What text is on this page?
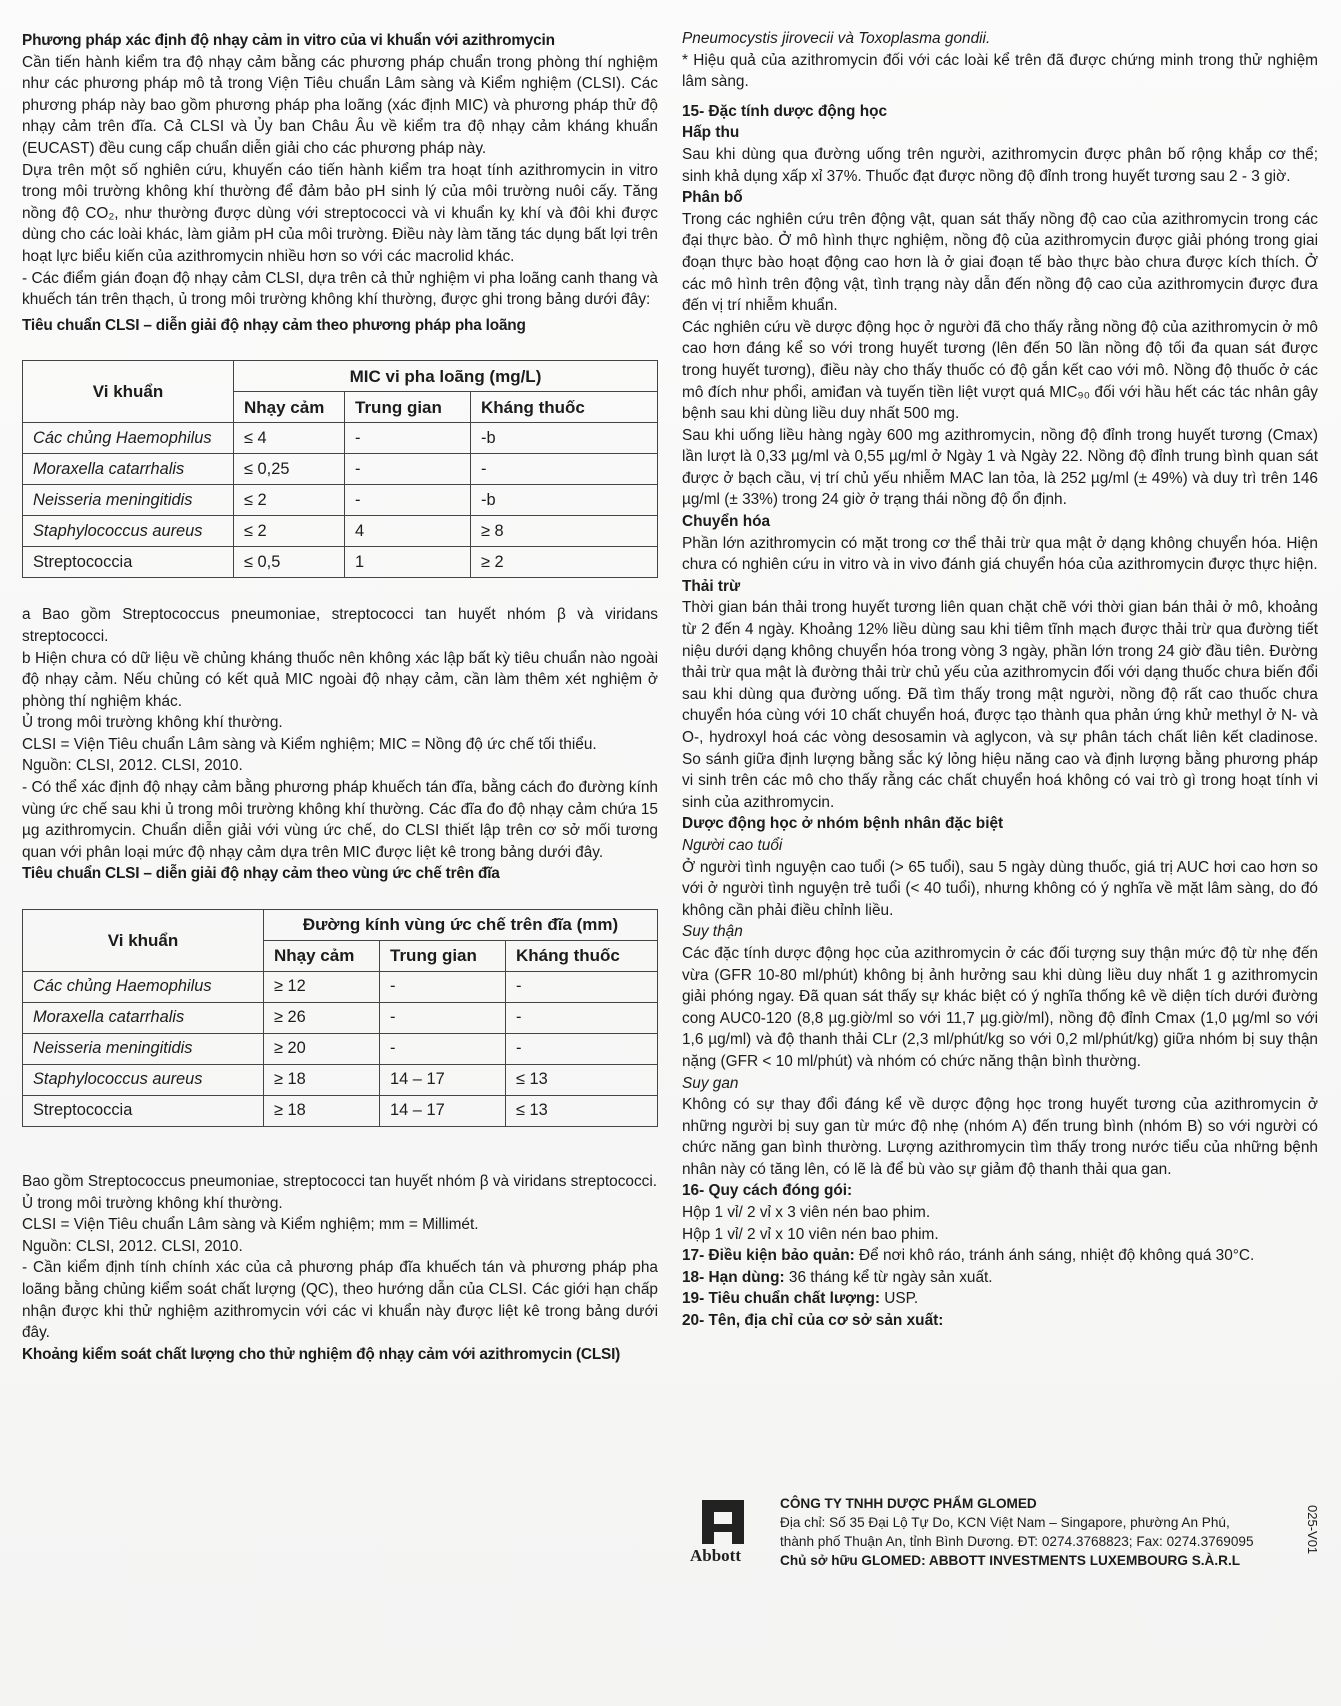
Phương pháp xác định độ nhạy cảm in vitro của vi khuẩn với azithromycin

Cần tiến hành kiểm tra độ nhạy cảm bằng các phương pháp chuẩn trong phòng thí nghiệm như các phương pháp mô tả trong Viện Tiêu chuẩn Lâm sàng và Kiểm nghiệm (CLSI). Các phương pháp này bao gồm phương pháp pha loãng (xác định MIC) và phương pháp thử độ nhạy cảm trên đĩa. Cả CLSI và Ủy ban Châu Âu về kiểm tra độ nhạy cảm kháng khuẩn (EUCAST) đều cung cấp chuẩn diễn giải cho các phương pháp này.

Dựa trên một số nghiên cứu, khuyến cáo tiến hành kiểm tra hoạt tính azithromycin in vitro trong môi trường không khí thường để đảm bảo pH sinh lý của môi trường nuôi cấy. Tăng nồng độ CO₂, như thường được dùng với streptococci và vi khuẩn kỵ khí và đôi khi được dùng cho các loài khác, làm giảm pH của môi trường. Điều này làm tăng tác dụng bất lợi trên hoạt lực biểu kiến của azithromycin nhiều hơn so với các macrolid khác.

- Các điểm gián đoạn độ nhạy cảm CLSI, dựa trên cả thử nghiệm vi pha loãng canh thang và khuếch tán trên thạch, ủ trong môi trường không khí thường, được ghi trong bảng dưới đây:

Tiêu chuẩn CLSI – diễn giải độ nhạy cảm theo phương pháp pha loãng

Vi khuẩn	MIC vi pha loãng (mg/L)		
	Nhạy cảm	Trung gian	Kháng thuốc
Các chủng Haemophilus	≤ 4	-	-b
Moraxella catarrhalis	≤ 0,25	-	-
Neisseria meningitidis	≤ 2	-	-b
Staphylococcus aureus	≤ 2	4	≥ 8
Streptococcia	≤ 0,5	1	≥ 2

a Bao gồm Streptococcus pneumoniae, streptococci tan huyết nhóm β và viridans streptococci.

b Hiện chưa có dữ liệu về chủng kháng thuốc nên không xác lập bất kỳ tiêu chuẩn nào ngoài độ nhạy cảm. Nếu chủng có kết quả MIC ngoài độ nhạy cảm, cần làm thêm xét nghiệm ở phòng thí nghiệm khác.

Ủ trong môi trường không khí thường.

CLSI = Viện Tiêu chuẩn Lâm sàng và Kiểm nghiệm; MIC = Nồng độ ức chế tối thiểu.

Nguồn: CLSI, 2012. CLSI, 2010.

- Có thể xác định độ nhạy cảm bằng phương pháp khuếch tán đĩa, bằng cách đo đường kính vùng ức chế sau khi ủ trong môi trường không khí thường. Các đĩa đo độ nhạy cảm chứa 15 µg azithromycin. Chuẩn diễn giải với vùng ức chế, do CLSI thiết lập trên cơ sở mối tương quan với phân loại mức độ nhạy cảm dựa trên MIC được liệt kê trong bảng dưới đây.

Tiêu chuẩn CLSI – diễn giải độ nhạy cảm theo vùng ức chế trên đĩa

Vi khuẩn	Đường kính vùng ức chế trên đĩa (mm)		
	Nhạy cảm	Trung gian	Kháng thuốc
Các chủng Haemophilus	≥ 12	-	-
Moraxella catarrhalis	≥ 26	-	-
Neisseria meningitidis	≥ 20	-	-
Staphylococcus aureus	≥ 18	14 – 17	≤ 13
Streptococcia	≥ 18	14 – 17	≤ 13

Bao gồm Streptococcus pneumoniae, streptococci tan huyết nhóm β và viridans streptococci.

Ủ trong môi trường không khí thường.

CLSI = Viện Tiêu chuẩn Lâm sàng và Kiểm nghiệm; mm = Millimét.

Nguồn: CLSI, 2012. CLSI, 2010.

- Cần kiểm định tính chính xác của cả phương pháp đĩa khuếch tán và phương pháp pha loãng bằng chủng kiểm soát chất lượng (QC), theo hướng dẫn của CLSI. Các giới hạn chấp nhận được khi thử nghiệm azithromycin với các vi khuẩn này được liệt kê trong bảng dưới đây.

Khoảng kiểm soát chất lượng cho thử nghiệm độ nhạy cảm với azithromycin (CLSI)

Pneumocystis jirovecii và Toxoplasma gondii.

* Hiệu quả của azithromycin đối với các loài kể trên đã được chứng minh trong thử nghiệm lâm sàng.

15- Đặc tính dược động học

Hấp thu

Sau khi dùng qua đường uống trên người, azithromycin được phân bố rộng khắp cơ thể; sinh khả dụng xấp xỉ 37%. Thuốc đạt được nồng độ đỉnh trong huyết tương sau 2 - 3 giờ.

Phân bố

Trong các nghiên cứu trên động vật, quan sát thấy nồng độ cao của azithromycin trong các đại thực bào. Ở mô hình thực nghiệm, nồng độ của azithromycin được giải phóng trong giai đoạn thực bào hoạt động cao hơn là ở giai đoạn tế bào thực bào chưa được kích thích. Ở các mô hình trên động vật, tình trạng này dẫn đến nồng độ cao của azithromycin được đưa đến vị trí nhiễm khuẩn.

Các nghiên cứu về dược động học ở người đã cho thấy rằng nồng độ của azithromycin ở mô cao hơn đáng kể so với trong huyết tương (lên đến 50 lần nồng độ tối đa quan sát được trong huyết tương), điều này cho thấy thuốc có độ gắn kết cao với mô. Nồng độ thuốc ở các mô đích như phổi, amiđan và tuyến tiền liệt vượt quá MIC₉₀ đối với hầu hết các tác nhân gây bệnh sau khi dùng liều duy nhất 500 mg.

Sau khi uống liều hàng ngày 600 mg azithromycin, nồng độ đỉnh trong huyết tương (Cmax) lần lượt là 0,33 µg/ml và 0,55 µg/ml ở Ngày 1 và Ngày 22. Nồng độ đỉnh trung bình quan sát được ở bạch cầu, vị trí chủ yếu nhiễm MAC lan tỏa, là 252 µg/ml (± 49%) và duy trì trên 146 µg/ml (± 33%) trong 24 giờ ở trạng thái nồng độ ổn định.

Chuyển hóa

Phần lớn azithromycin có mặt trong cơ thể thải trừ qua mật ở dạng không chuyển hóa. Hiện chưa có nghiên cứu in vitro và in vivo đánh giá chuyển hóa của azithromycin được thực hiện.

Thải trừ

Thời gian bán thải trong huyết tương liên quan chặt chẽ với thời gian bán thải ở mô, khoảng từ 2 đến 4 ngày. Khoảng 12% liều dùng sau khi tiêm tĩnh mạch được thải trừ qua đường tiết niệu dưới dạng không chuyển hóa trong vòng 3 ngày, phần lớn trong 24 giờ đầu tiên. Đường thải trừ qua mật là đường thải trừ chủ yếu của azithromycin đối với dạng thuốc chưa biến đổi sau khi dùng qua đường uống. Đã tìm thấy trong mật người, nồng độ rất cao thuốc chưa chuyển hóa cùng với 10 chất chuyển hoá, được tạo thành qua phản ứng khử methyl ở N- và O-, hydroxyl hoá các vòng desosamin và aglycon, và sự phân tách chất liên kết cladinose. So sánh giữa định lượng bằng sắc ký lỏng hiệu năng cao và định lượng bằng phương pháp vi sinh trên các mô cho thấy rằng các chất chuyển hoá không có vai trò gì trong hoạt tính vi sinh của azithromycin.

Dược động học ở nhóm bệnh nhân đặc biệt

Người cao tuổi

Ở người tình nguyện cao tuổi (> 65 tuổi), sau 5 ngày dùng thuốc, giá trị AUC hơi cao hơn so với ở người tình nguyện trẻ tuổi (< 40 tuổi), nhưng không có ý nghĩa về mặt lâm sàng, do đó không cần phải điều chỉnh liều.

Suy thận

Các đặc tính dược động học của azithromycin ở các đối tượng suy thận mức độ từ nhẹ đến vừa (GFR 10-80 ml/phút) không bị ảnh hưởng sau khi dùng liều duy nhất 1 g azithromycin giải phóng ngay. Đã quan sát thấy sự khác biệt có ý nghĩa thống kê về diện tích dưới đường cong AUC0-120 (8,8 µg.giờ/ml so với 11,7 µg.giờ/ml), nồng độ đỉnh Cmax (1,0 µg/ml so với 1,6 µg/ml) và độ thanh thải CLr (2,3 ml/phút/kg so với 0,2 ml/phút/kg) giữa nhóm bị suy thận nặng (GFR < 10 ml/phút) và nhóm có chức năng thận bình thường.

Suy gan

Không có sự thay đổi đáng kể về dược động học trong huyết tương của azithromycin ở những người bị suy gan từ mức độ nhẹ (nhóm A) đến trung bình (nhóm B) so với người có chức năng gan bình thường. Lượng azithromycin tìm thấy trong nước tiểu của những bệnh nhân này có tăng lên, có lẽ là để bù vào sự giảm độ thanh thải qua gan.

16- Quy cách đóng gói:

Hộp 1 vỉ/ 2 vỉ x 3 viên nén bao phim.

Hộp 1 vỉ/ 2 vỉ x 10 viên nén bao phim.

17- Điều kiện bảo quản: Để nơi khô ráo, tránh ánh sáng, nhiệt độ không quá 30°C.

18- Hạn dùng: 36 tháng kể từ ngày sản xuất.

19- Tiêu chuẩn chất lượng: USP.

20- Tên, địa chỉ của cơ sở sản xuất:

Abbott
CÔNG TY TNHH DƯỢC PHẨM GLOMED
Địa chỉ: Số 35 Đại Lộ Tự Do, KCN Việt Nam – Singapore, phường An Phú,
thành phố Thuận An, tỉnh Bình Dương. ĐT: 0274.3768823; Fax: 0274.3769095
Chủ sở hữu GLOMED: ABBOTT INVESTMENTS LUXEMBOURG S.À.R.L
025-V01
